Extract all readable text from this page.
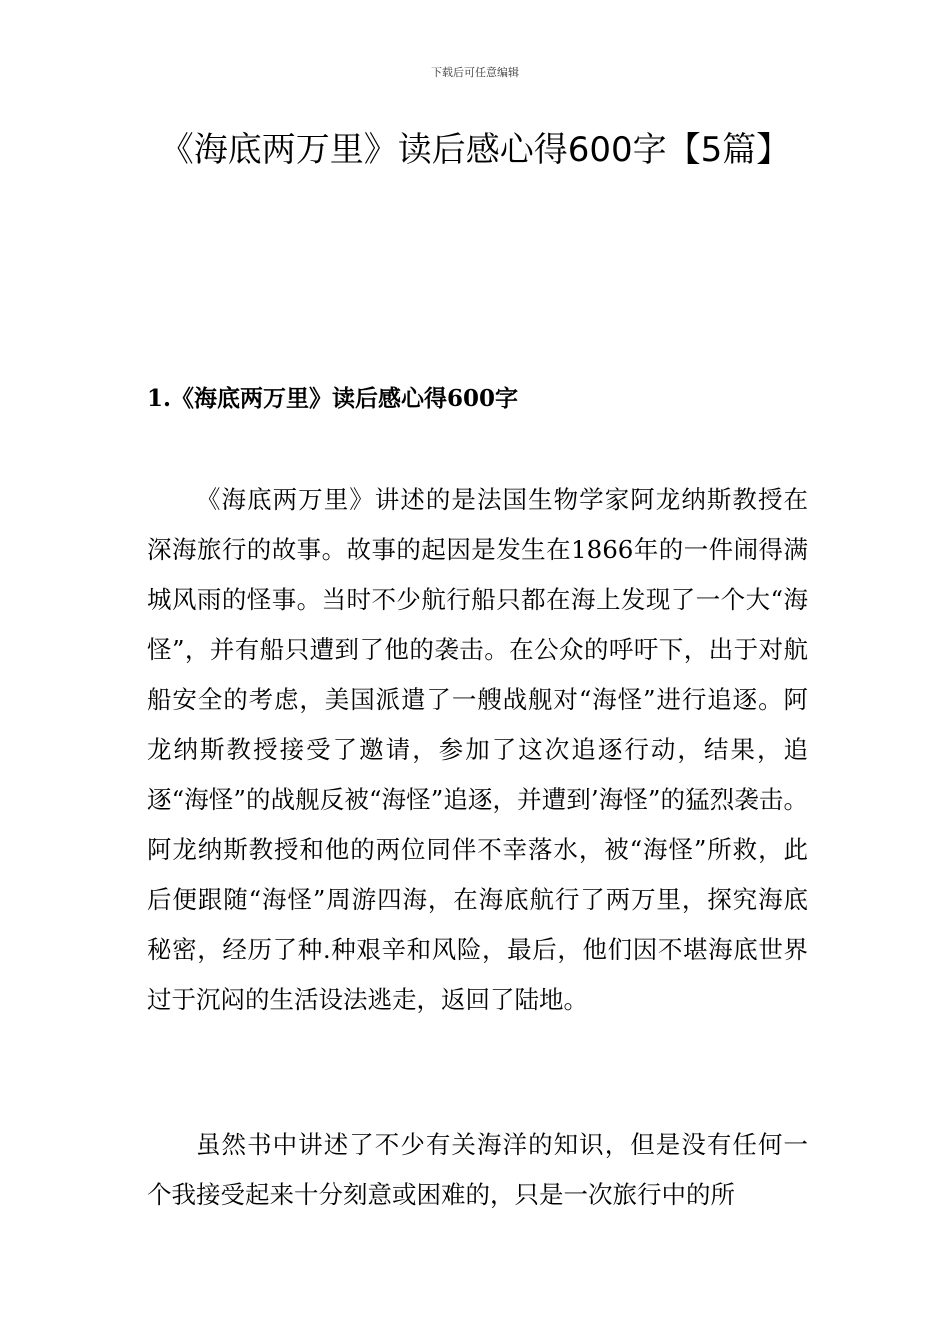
下载后可任意编辑
《海底两万里》读后感心得600字【5篇】
1.《海底两万里》读后感心得600字

《海底两万里》讲述的是法国生物学家阿龙纳斯教授在深海旅行的故事。故事的起因是发生在1866年的一件闹得满城风雨的怪事。当时不少航行船只都在海上发现了一个大“海怪”，并有船只遭到了他的袭击。在公众的呼吁下，出于对航船安全的考虑，美国派遣了一艘战舰对“海怪”进行追逐。阿龙纳斯教授接受了邀请，参加了这次追逐行动，结果，追逐“海怪”的战舰反被“海怪”追逐，并遭到’海怪”的猛烈袭击。阿龙纳斯教授和他的两位同伴不幸落水，被“海怪”所救，此后便跟随“海怪”周游四海，在海底航行了两万里，探究海底秘密，经历了种.种艰辛和风险，最后，他们因不堪海底世界过于沉闷的生活设法逃走，返回了陆地。

虽然书中讲述了不少有关海洋的知识，但是没有任何一个我接受起来十分刻意或困难的，只是一次旅行中的所
